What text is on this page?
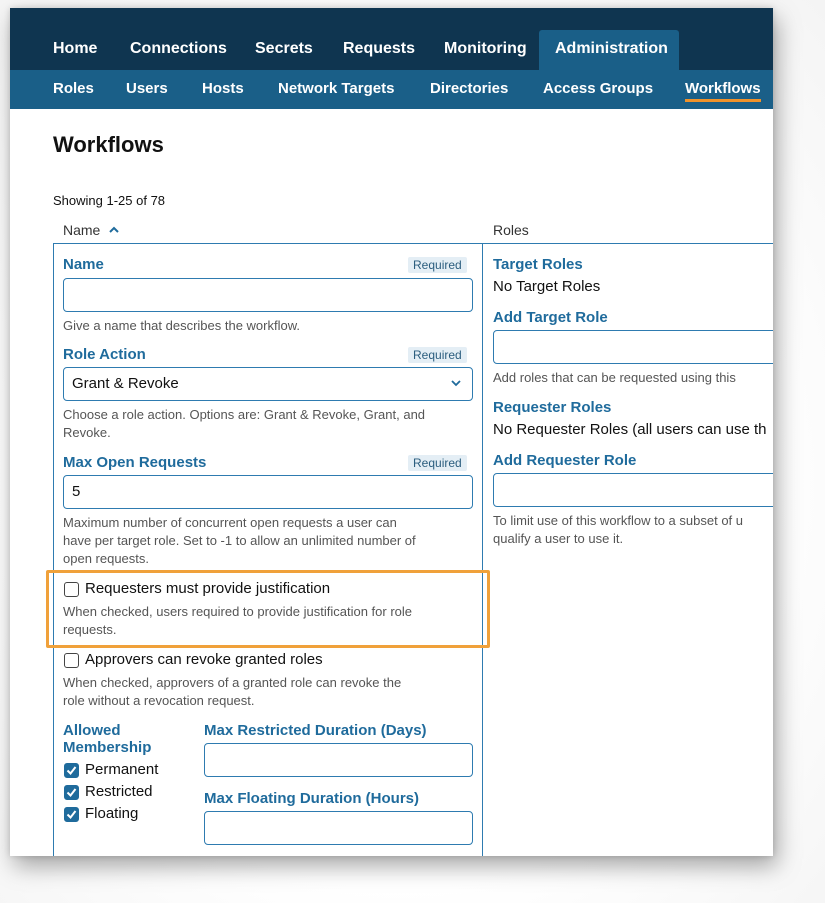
Home	Connections	Secrets	Requests	Monitoring	Administration
Roles Users Hosts Network Targets Directories Access Groups Workflows
Workflows
Showing 1-25 of 78
Name	Roles
Name	Required
Give a name that describes the workflow.
Role Action	Required
Grant & Revoke
Choose a role action. Options are: Grant & Revoke, Grant, and
Revoke.
Max Open Requests	Required
5
Maximum number of concurrent open requests a user can
have per target role. Set to -1 to allow an unlimited number of
open requests.
Requesters must provide justification
When checked, users required to provide justification for role
requests.
Approvers can revoke granted roles
When checked, approvers of a granted role can revoke the
role without a revocation request.
Allowed
Membership
Permanent
Restricted
Floating
Max Restricted Duration (Days)
Max Floating Duration (Hours)
Target Roles
No Target Roles
Add Target Role
Add roles that can be requested using this
Requester Roles
No Requester Roles (all users can use th
Add Requester Role
To limit use of this workflow to a subset of u
qualify a user to use it.
